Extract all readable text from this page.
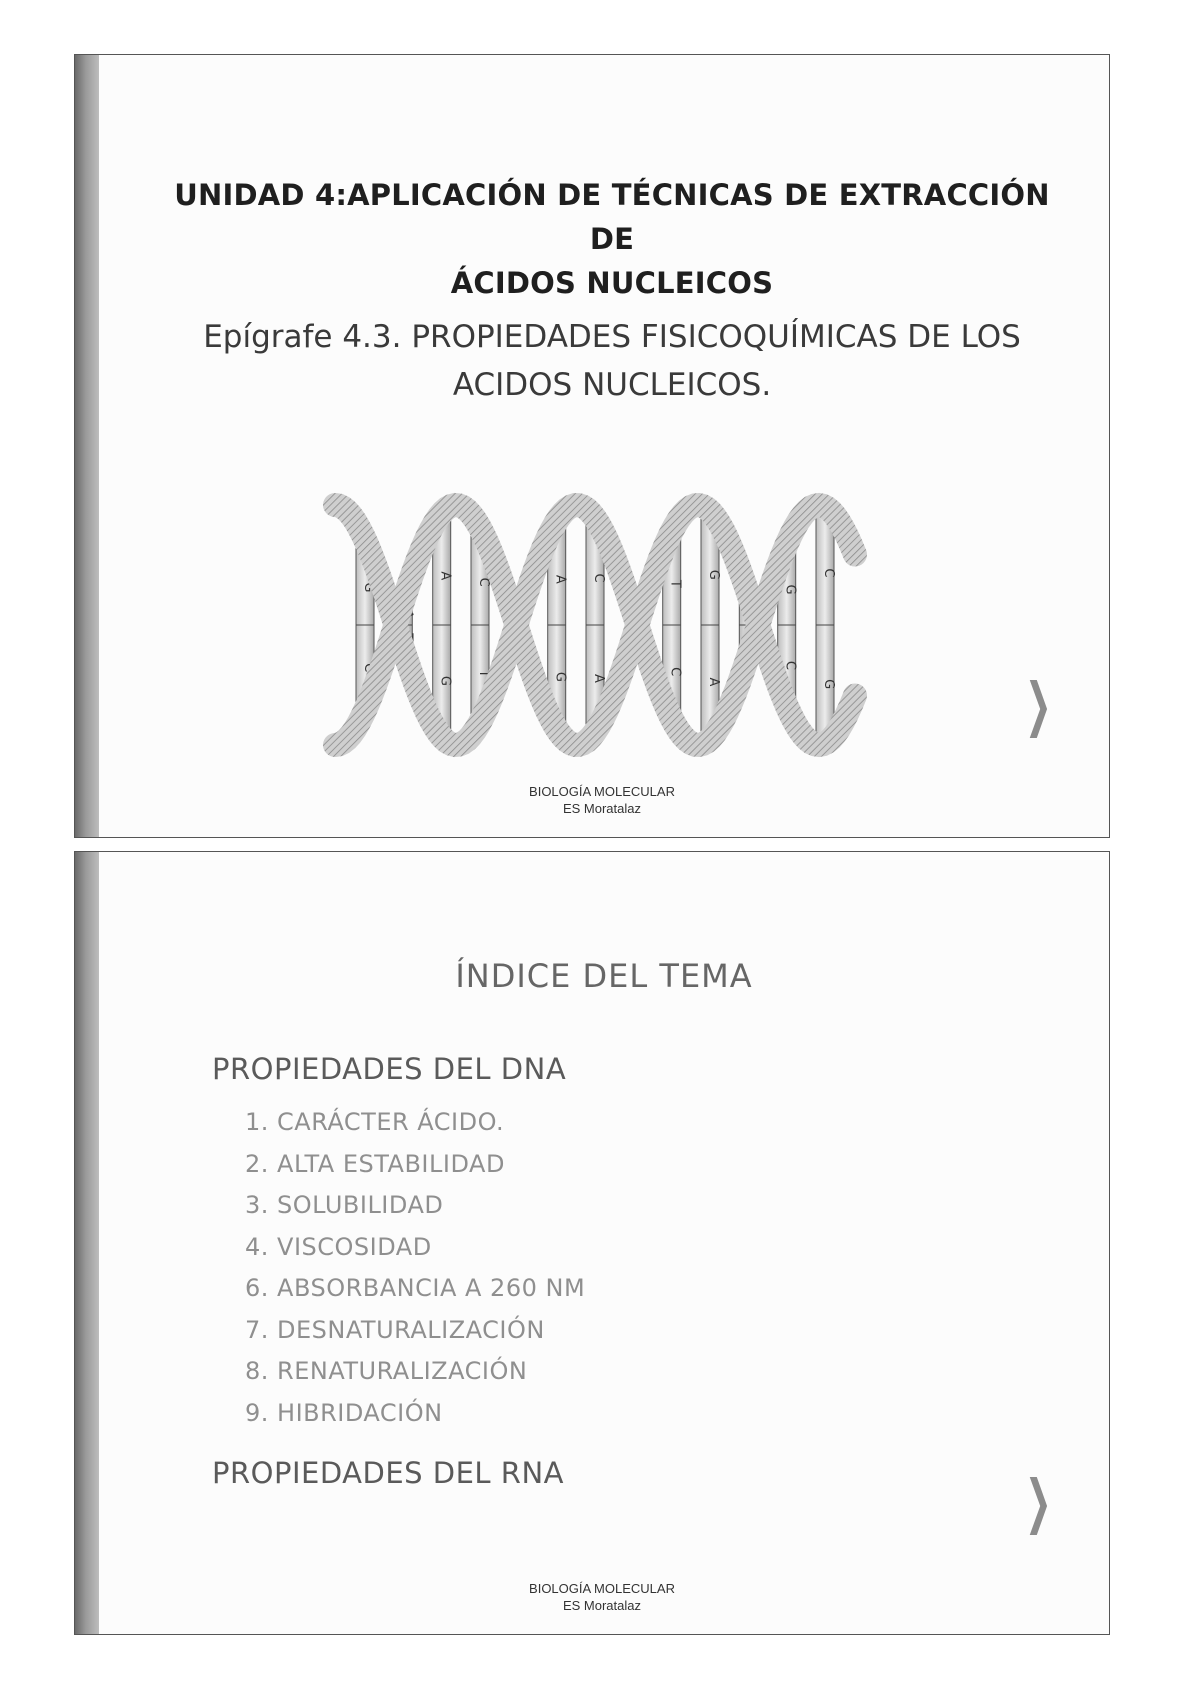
UNIDAD 4:APLICACIÓN DE TÉCNICAS DE EXTRACCIÓN DE
ÁCIDOS NUCLEICOS
Epígrafe 4.3. PROPIEDADES FISICOQUÍMICAS DE LOS
ACIDOS NUCLEICOS.
G
C
A
T
A
G
C
T
A
G
C
A
T
C
G
A
T
A
G
C
C
G	❯
BIOLOGÍA MOLECULAR
ES Moratalaz
ÍNDICE DEL TEMA
PROPIEDADES DEL DNA
1. CARÁCTER ÁCIDO.
2. ALTA ESTABILIDAD
3. SOLUBILIDAD
4. VISCOSIDAD
6. ABSORBANCIA A 260 NM
7. DESNATURALIZACIÓN
8. RENATURALIZACIÓN
9. HIBRIDACIÓN
PROPIEDADES DEL RNA	❯
BIOLOGÍA MOLECULAR
ES Moratalaz
